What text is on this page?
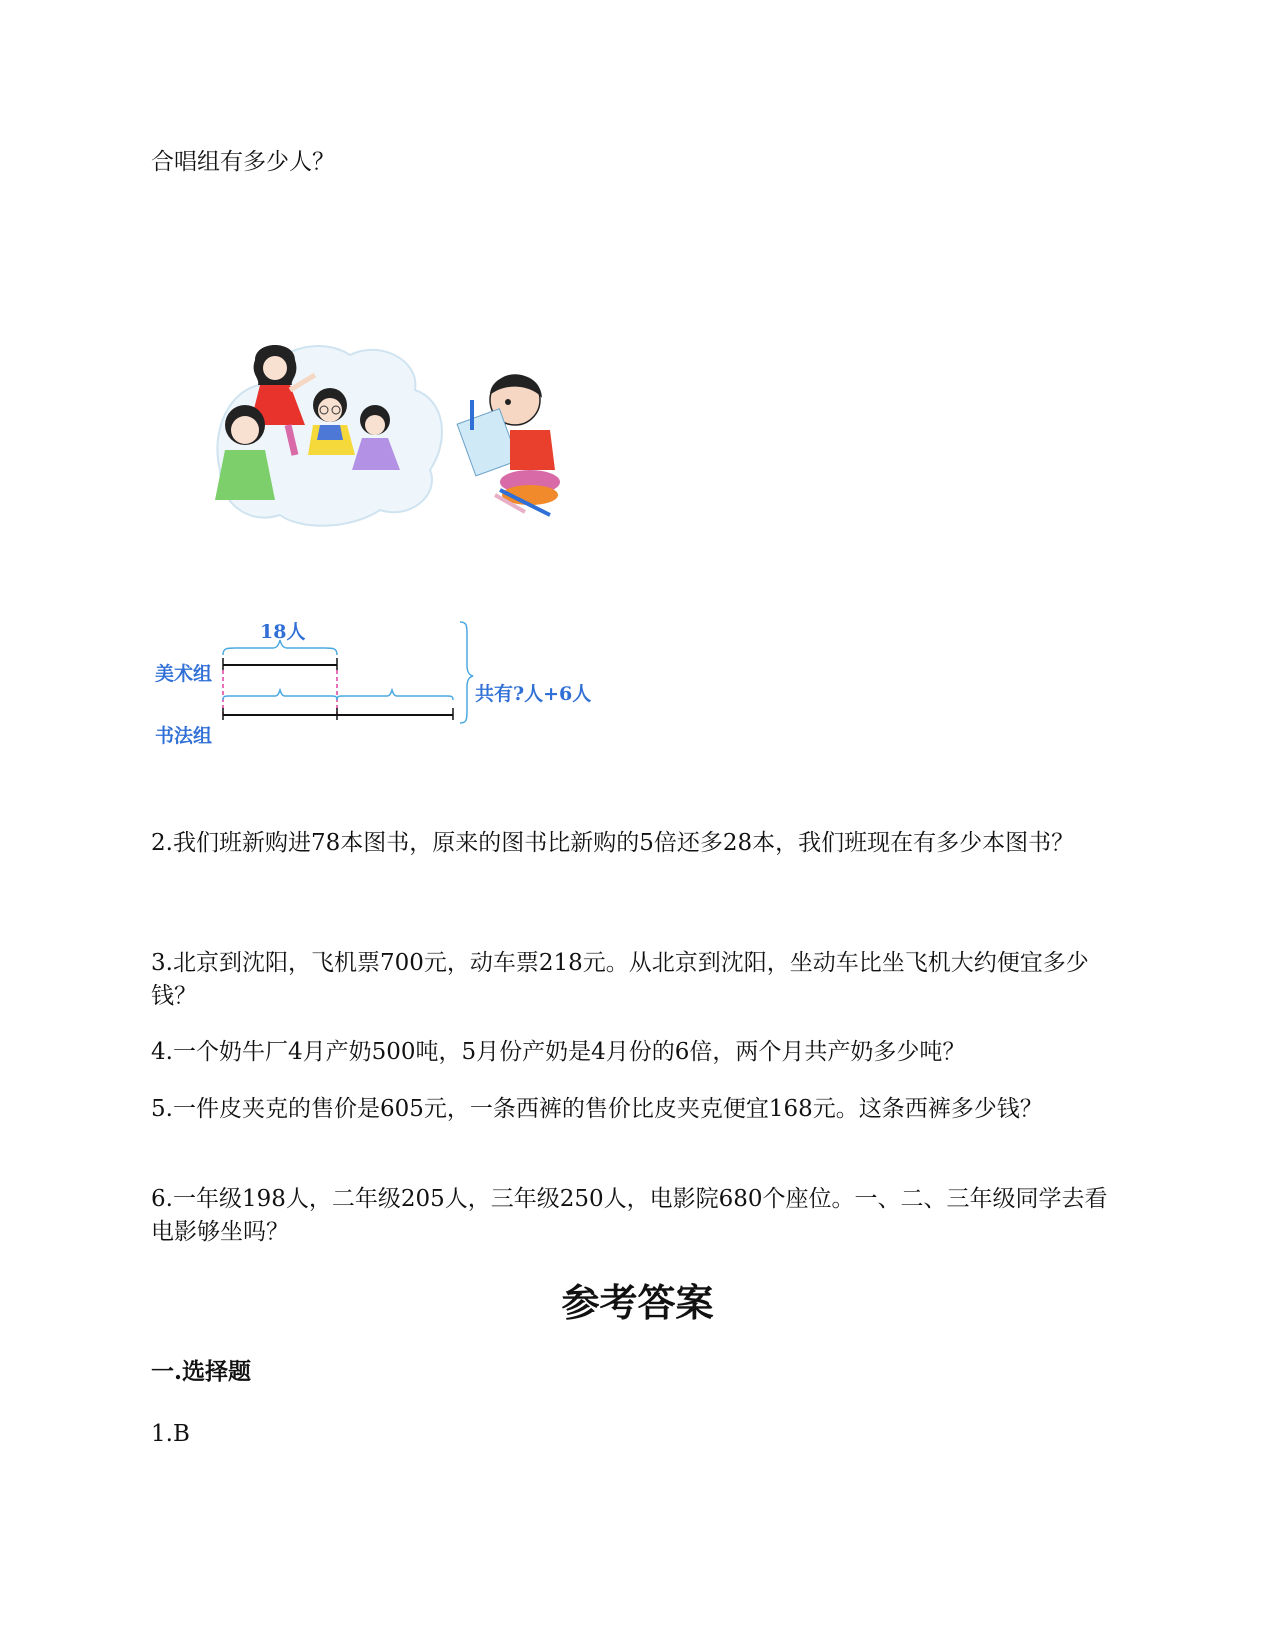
合唱组有多少人？

18人
美术组
书法组
共有?人+6人

2.我们班新购进78本图书，原来的图书比新购的5倍还多28本，我们班现在有多少本图书？

3.北京到沈阳，飞机票700元，动车票218元。从北京到沈阳，坐动车比坐飞机大约便宜多少钱？

4.一个奶牛厂4月产奶500吨，5月份产奶是4月份的6倍，两个月共产奶多少吨？

5.一件皮夹克的售价是605元，一条西裤的售价比皮夹克便宜168元。这条西裤多少钱？

6.一年级198人，二年级205人，三年级250人，电影院680个座位。一、二、三年级同学去看电影够坐吗？

参考答案

一.选择题

1.B
